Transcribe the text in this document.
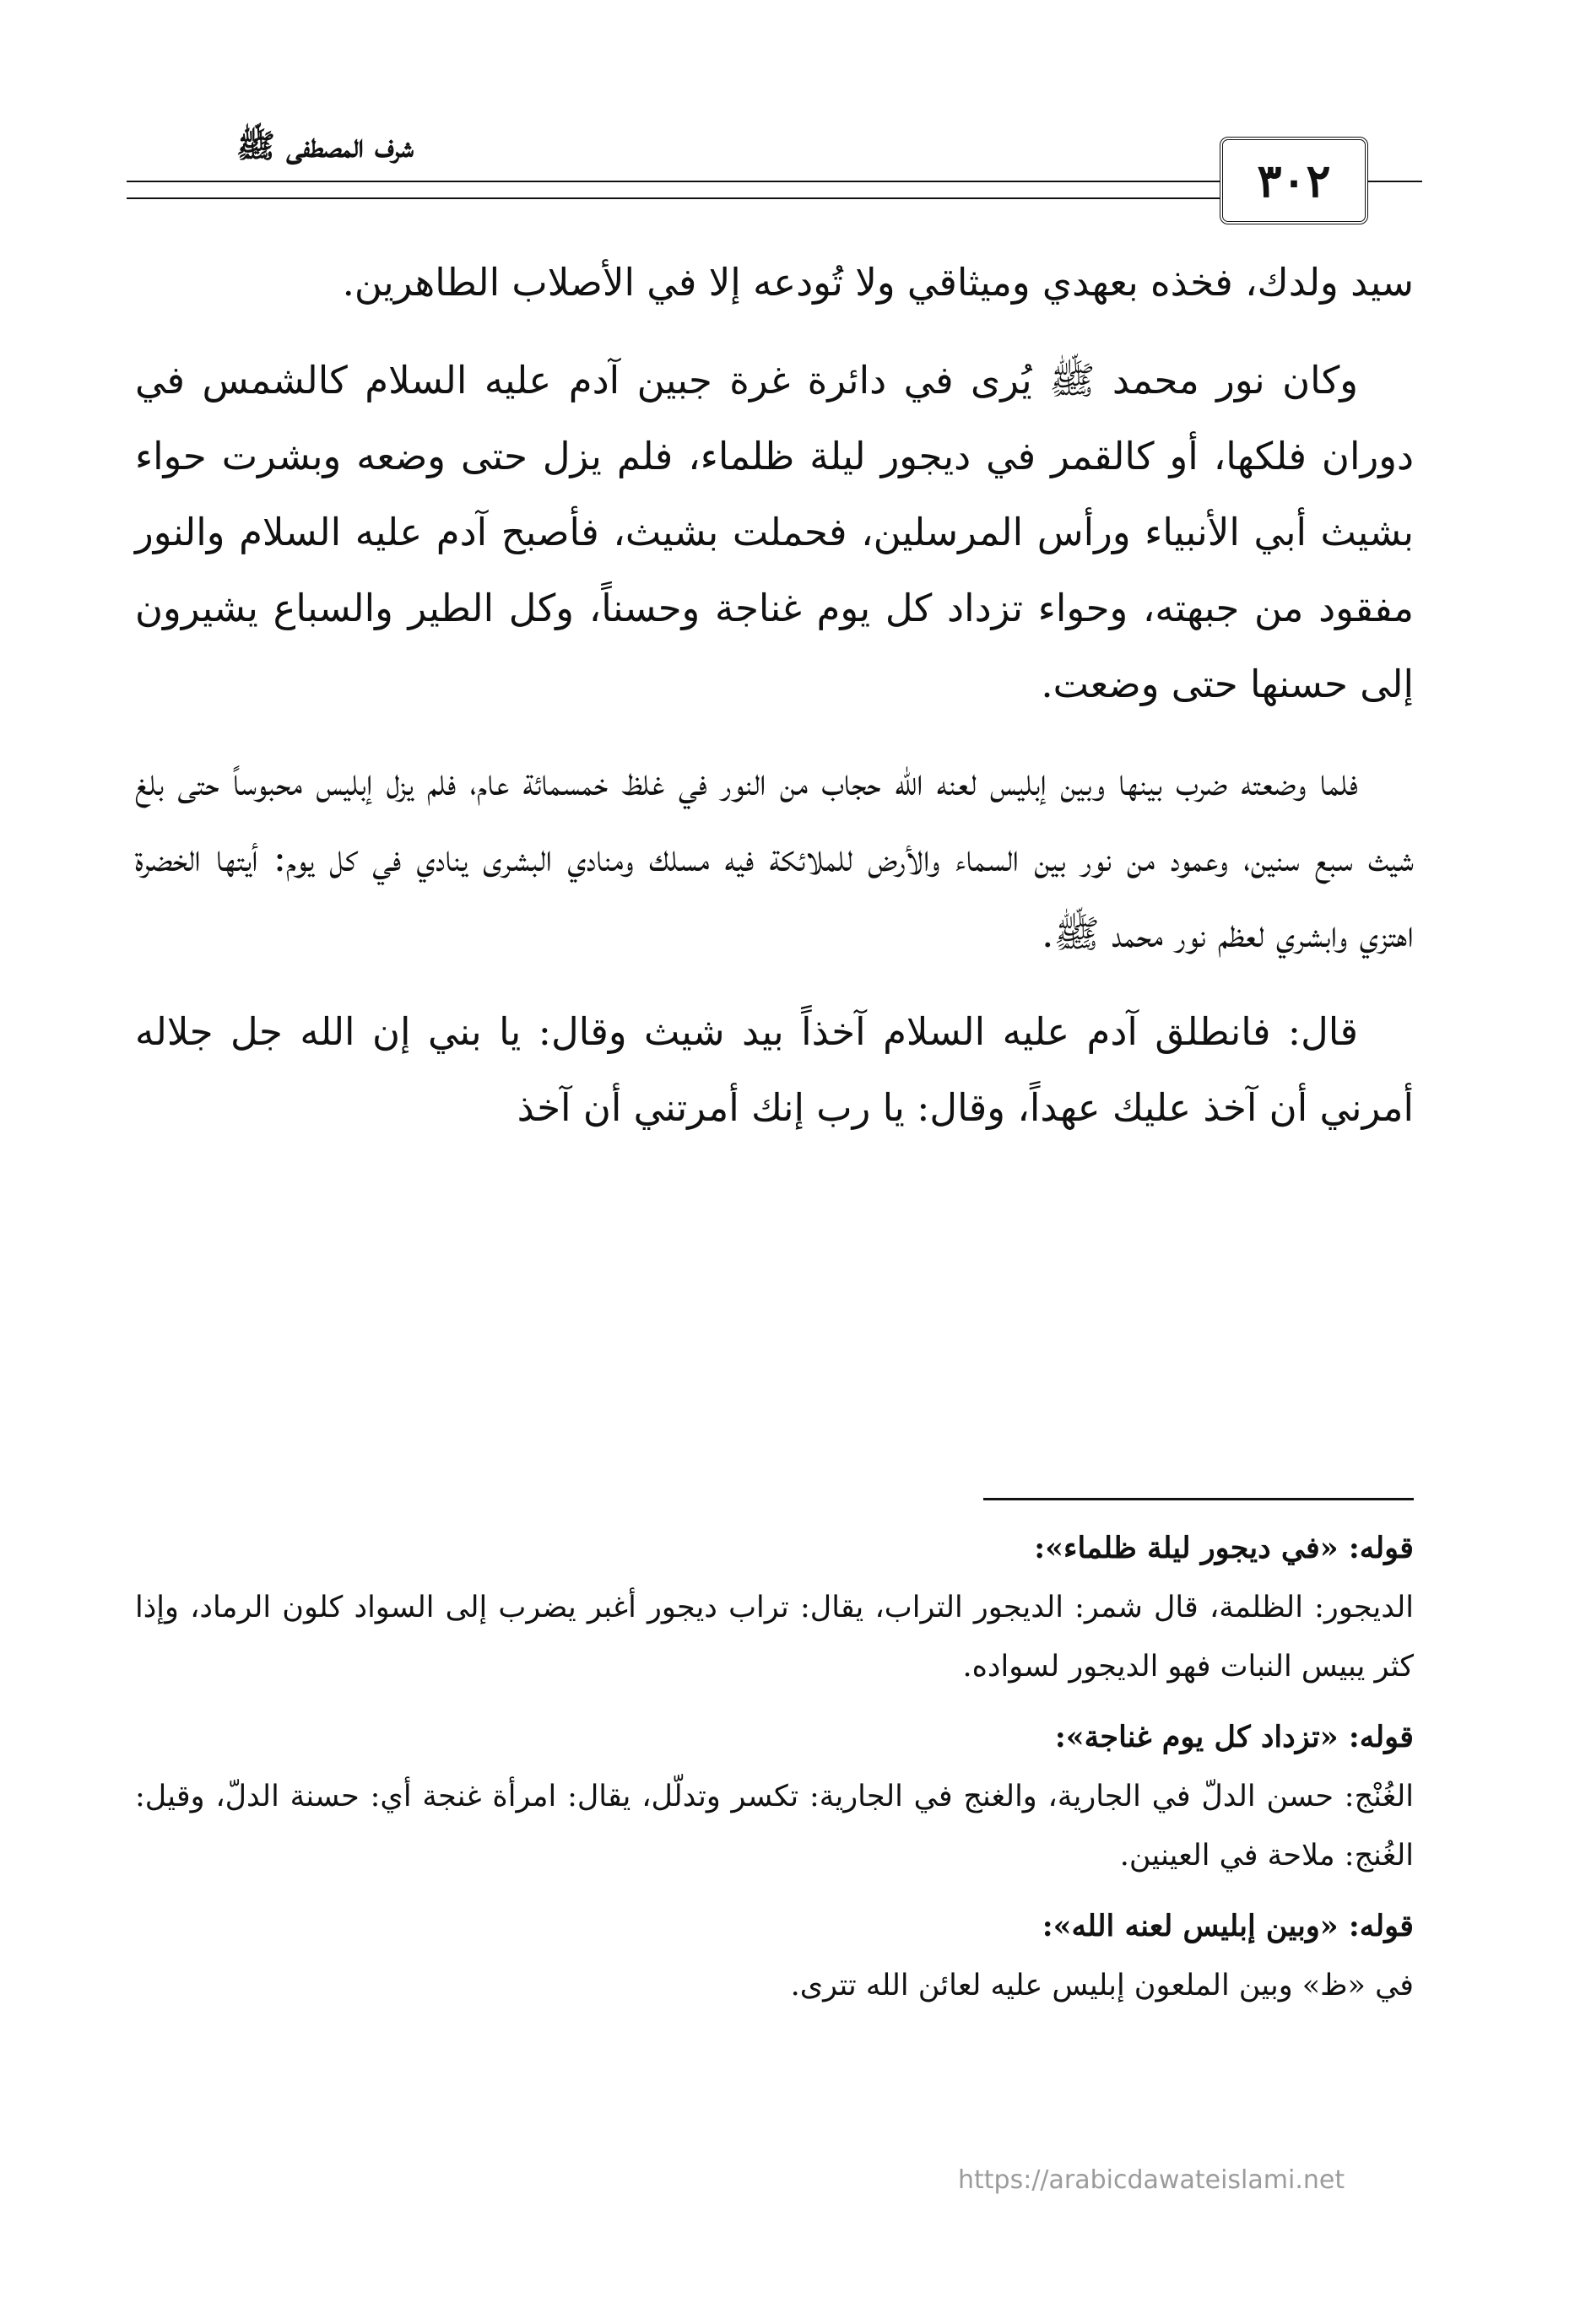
شرف المصطفى ﷺ
٣٠٢

سيد ولدك، فخذه بعهدي وميثاقي ولا تُودعه إلا في الأصلاب الطاهرين.

وكان نور محمد ﷺ يُرى في دائرة غرة جبين آدم عليه السلام كالشمس في دوران فلكها، أو كالقمر في ديجور ليلة ظلماء، فلم يزل حتى وضعه وبشرت حواء بشيث أبي الأنبياء ورأس المرسلين، فحملت بشيث، فأصبح آدم عليه السلام والنور مفقود من جبهته، وحواء تزداد كل يوم غناجة وحسناً، وكل الطير والسباع يشيرون إلى حسنها حتى وضعت.

فلما وضعته ضرب بينها وبين إبليس لعنه الله حجاب من النور في غلظ خمسمائة عام، فلم يزل إبليس محبوساً حتى بلغ شيث سبع سنين، وعمود من نور بين السماء والأرض للملائكة فيه مسلك ومنادي البشرى ينادي في كل يوم: أيتها الخضرة اهتزي وابشري لعظم نور محمد ﷺ.

قال: فانطلق آدم عليه السلام آخذاً بيد شيث وقال: يا بني إن الله جل جلاله أمرني أن آخذ عليك عهداً، وقال: يا رب إنك أمرتني أن آخذ

قوله: «في ديجور ليلة ظلماء»:
الديجور: الظلمة، قال شمر: الديجور التراب، يقال: تراب ديجور أغبر يضرب إلى السواد كلون الرماد، وإذا كثر يبيس النبات فهو الديجور لسواده.
قوله: «تزداد كل يوم غناجة»:
الغُنْج: حسن الدلّ في الجارية، والغنج في الجارية: تكسر وتدلّل، يقال: امرأة غنجة أي: حسنة الدلّ، وقيل: الغُنج: ملاحة في العينين.
قوله: «وبين إبليس لعنه الله»:
في «ظ» وبين الملعون إبليس عليه لعائن الله تترى.
https://arabicdawateislami.net
